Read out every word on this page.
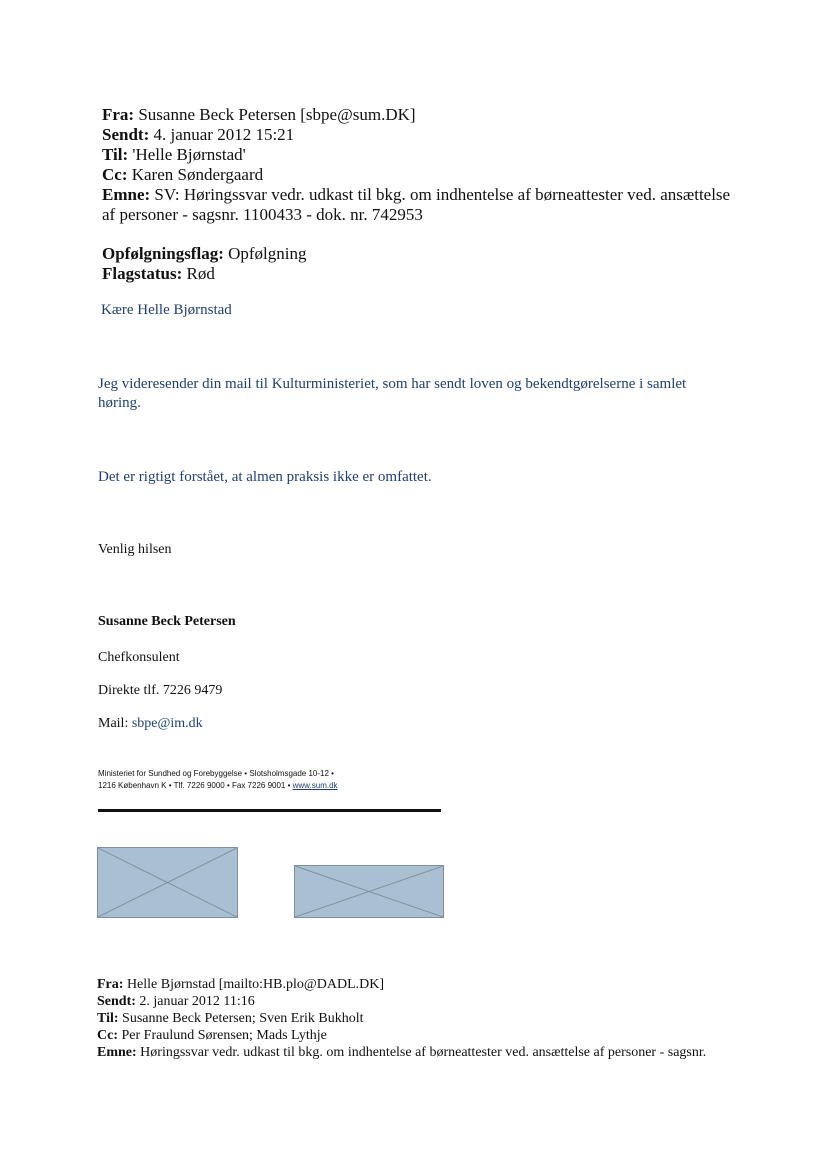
Fra: Susanne Beck Petersen [sbpe@sum.DK]
Sendt: 4. januar 2012 15:21
Til: 'Helle Bjørnstad'
Cc: Karen Søndergaard
Emne: SV: Høringssvar vedr. udkast til bkg. om indhentelse af børneattester ved. ansættelse
af personer - sagsnr. 1100433 - dok. nr. 742953
Opfølgningsflag: Opfølgning
Flagstatus: Rød
Kære Helle Bjørnstad
Jeg videresender din mail til Kulturministeriet, som har sendt loven og bekendtgørelserne i samlet
høring.
Det er rigtigt forstået, at almen praksis ikke er omfattet.
Venlig hilsen
Susanne Beck Petersen
Chefkonsulent
Direkte tlf. 7226 9479
Mail: sbpe@im.dk
Ministeriet for Sundhed og Forebyggelse • Slotsholmsgade 10-12 •
1216 København K • Tlf. 7226 9000 • Fax 7226 9001 • www.sum.dk
Fra: Helle Bjørnstad [mailto:HB.plo@DADL.DK]
Sendt: 2. januar 2012 11:16
Til: Susanne Beck Petersen; Sven Erik Bukholt
Cc: Per Fraulund Sørensen; Mads Lythje
Emne: Høringssvar vedr. udkast til bkg. om indhentelse af børneattester ved. ansættelse af personer - sagsnr.
